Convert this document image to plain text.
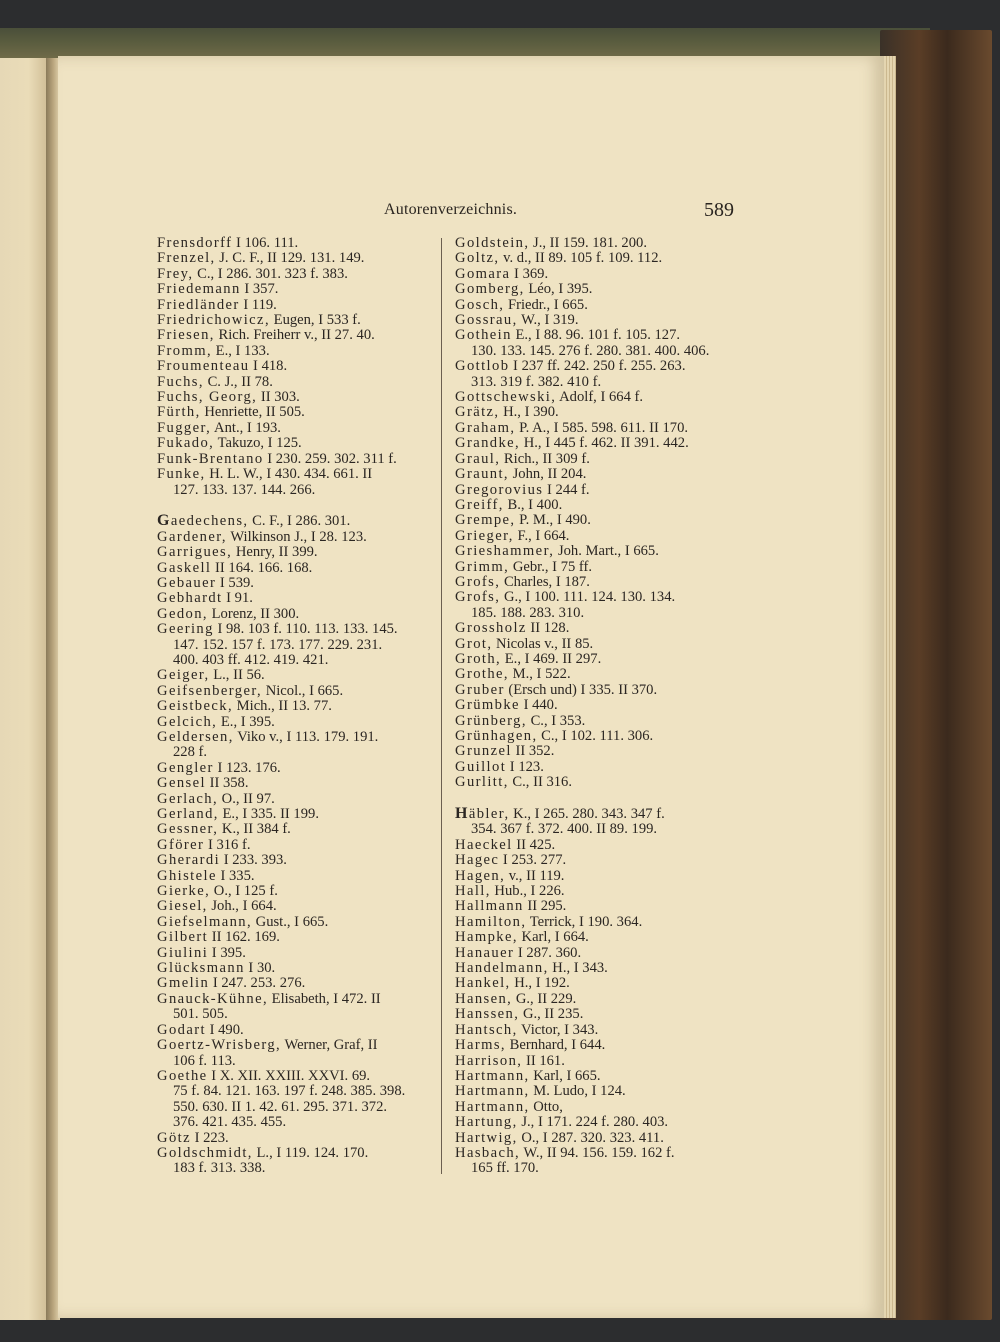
Autorenverzeichnis.	589
Frensdorff I 106. 111.
Frenzel, J. C. F., II 129. 131. 149.
Frey, C., I 286. 301. 323 f. 383.
Friedemann I 357.
Friedländer I 119.
Friedrichowicz, Eugen, I 533 f.
Friesen, Rich. Freiherr v., II 27. 40.
Fromm, E., I 133.
Froumenteau I 418.
Fuchs, C. J., II 78.
Fuchs, Georg, II 303.
Fürth, Henriette, II 505.
Fugger, Ant., I 193.
Fukado, Takuzo, I 125.
Funk-Brentano I 230. 259. 302. 311 f.
Funke, H. L. W., I 430. 434. 661. II
127. 133. 137. 144. 266.
Gaedechens, C. F., I 286. 301.
Gardener, Wilkinson J., I 28. 123.
Garrigues, Henry, II 399.
Gaskell II 164. 166. 168.
Gebauer I 539.
Gebhardt I 91.
Gedon, Lorenz, II 300.
Geering I 98. 103 f. 110. 113. 133. 145.
147. 152. 157 f. 173. 177. 229. 231.
400. 403 ff. 412. 419. 421.
Geiger, L., II 56.
Geifsenberger, Nicol., I 665.
Geistbeck, Mich., II 13. 77.
Gelcich, E., I 395.
Geldersen, Viko v., I 113. 179. 191.
228 f.
Gengler I 123. 176.
Gensel II 358.
Gerlach, O., II 97.
Gerland, E., I 335. II 199.
Gessner, K., II 384 f.
Gförer I 316 f.
Gherardi I 233. 393.
Ghistele I 335.
Gierke, O., I 125 f.
Giesel, Joh., I 664.
Giefselmann, Gust., I 665.
Gilbert II 162. 169.
Giulini I 395.
Glücksmann I 30.
Gmelin I 247. 253. 276.
Gnauck-Kühne, Elisabeth, I 472. II
501. 505.
Godart I 490.
Goertz-Wrisberg, Werner, Graf, II
106 f. 113.
Goethe I X. XII. XXIII. XXVI. 69.
75 f. 84. 121. 163. 197 f. 248. 385. 398.
550. 630. II 1. 42. 61. 295. 371. 372.
376. 421. 435. 455.
Götz I 223.
Goldschmidt, L., I 119. 124. 170.
183 f. 313. 338.
Goldstein, J., II 159. 181. 200.
Goltz, v. d., II 89. 105 f. 109. 112.
Gomara I 369.
Gomberg, Léo, I 395.
Gosch, Friedr., I 665.
Gossrau, W., I 319.
Gothein E., I 88. 96. 101 f. 105. 127.
130. 133. 145. 276 f. 280. 381. 400. 406.
Gottlob I 237 ff. 242. 250 f. 255. 263.
313. 319 f. 382. 410 f.
Gottschewski, Adolf, I 664 f.
Grätz, H., I 390.
Graham, P. A., I 585. 598. 611. II 170.
Grandke, H., I 445 f. 462. II 391. 442.
Graul, Rich., II 309 f.
Graunt, John, II 204.
Gregorovius I 244 f.
Greiff, B., I 400.
Grempe, P. M., I 490.
Grieger, F., I 664.
Grieshammer, Joh. Mart., I 665.
Grimm, Gebr., I 75 ff.
Grofs, Charles, I 187.
Grofs, G., I 100. 111. 124. 130. 134.
185. 188. 283. 310.
Grossholz II 128.
Grot, Nicolas v., II 85.
Groth, E., I 469. II 297.
Grothe, M., I 522.
Gruber (Ersch und) I 335. II 370.
Grümbke I 440.
Grünberg, C., I 353.
Grünhagen, C., I 102. 111. 306.
Grunzel II 352.
Guillot I 123.
Gurlitt, C., II 316.
Häbler, K., I 265. 280. 343. 347 f.
354. 367 f. 372. 400. II 89. 199.
Haeckel II 425.
Hagec I 253. 277.
Hagen, v., II 119.
Hall, Hub., I 226.
Hallmann II 295.
Hamilton, Terrick, I 190. 364.
Hampke, Karl, I 664.
Hanauer I 287. 360.
Handelmann, H., I 343.
Hankel, H., I 192.
Hansen, G., II 229.
Hanssen, G., II 235.
Hantsch, Victor, I 343.
Harms, Bernhard, I 644.
Harrison, II 161.
Hartmann, Karl, I 665.
Hartmann, M. Ludo, I 124.
Hartmann, Otto,
Hartung, J., I 171. 224 f. 280. 403.
Hartwig, O., I 287. 320. 323. 411.
Hasbach, W., II 94. 156. 159. 162 f.
165 ff. 170.
